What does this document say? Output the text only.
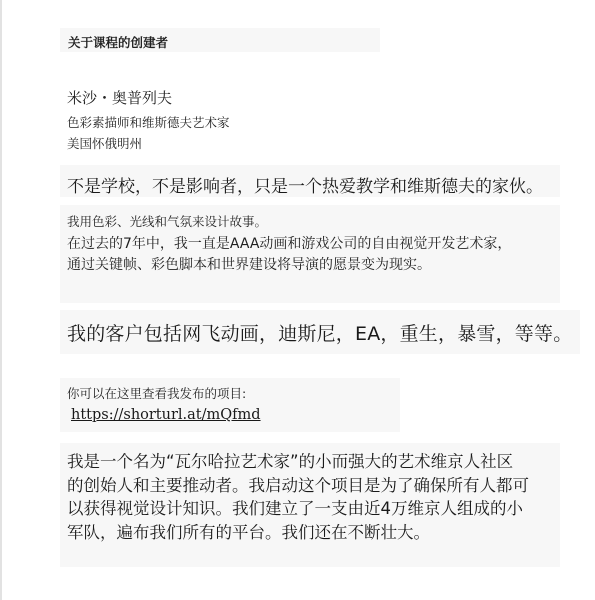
关于课程的创建者
米沙・奥普列夫
色彩素描师和维斯德夫艺术家
美国怀俄明州
不是学校，不是影响者，只是一个热爱教学和维斯德夫的家伙。
我用色彩、光线和气氛来设计故事。
在过去的7年中，我一直是AAA动画和游戏公司的自由视觉开发艺术家，
通过关键帧、彩色脚本和世界建设将导演的愿景变为现实。
我的客户包括网飞动画，迪斯尼，EA，重生，暴雪，等等。
你可以在这里查看我发布的项目:
https://shorturl.at/mQfmd
我是一个名为“瓦尔哈拉艺术家”的小而强大的艺术维京人社区
的创始人和主要推动者。我启动这个项目是为了确保所有人都可
以获得视觉设计知识。我们建立了一支由近4万维京人组成的小
军队，遍布我们所有的平台。我们还在不断壮大。
